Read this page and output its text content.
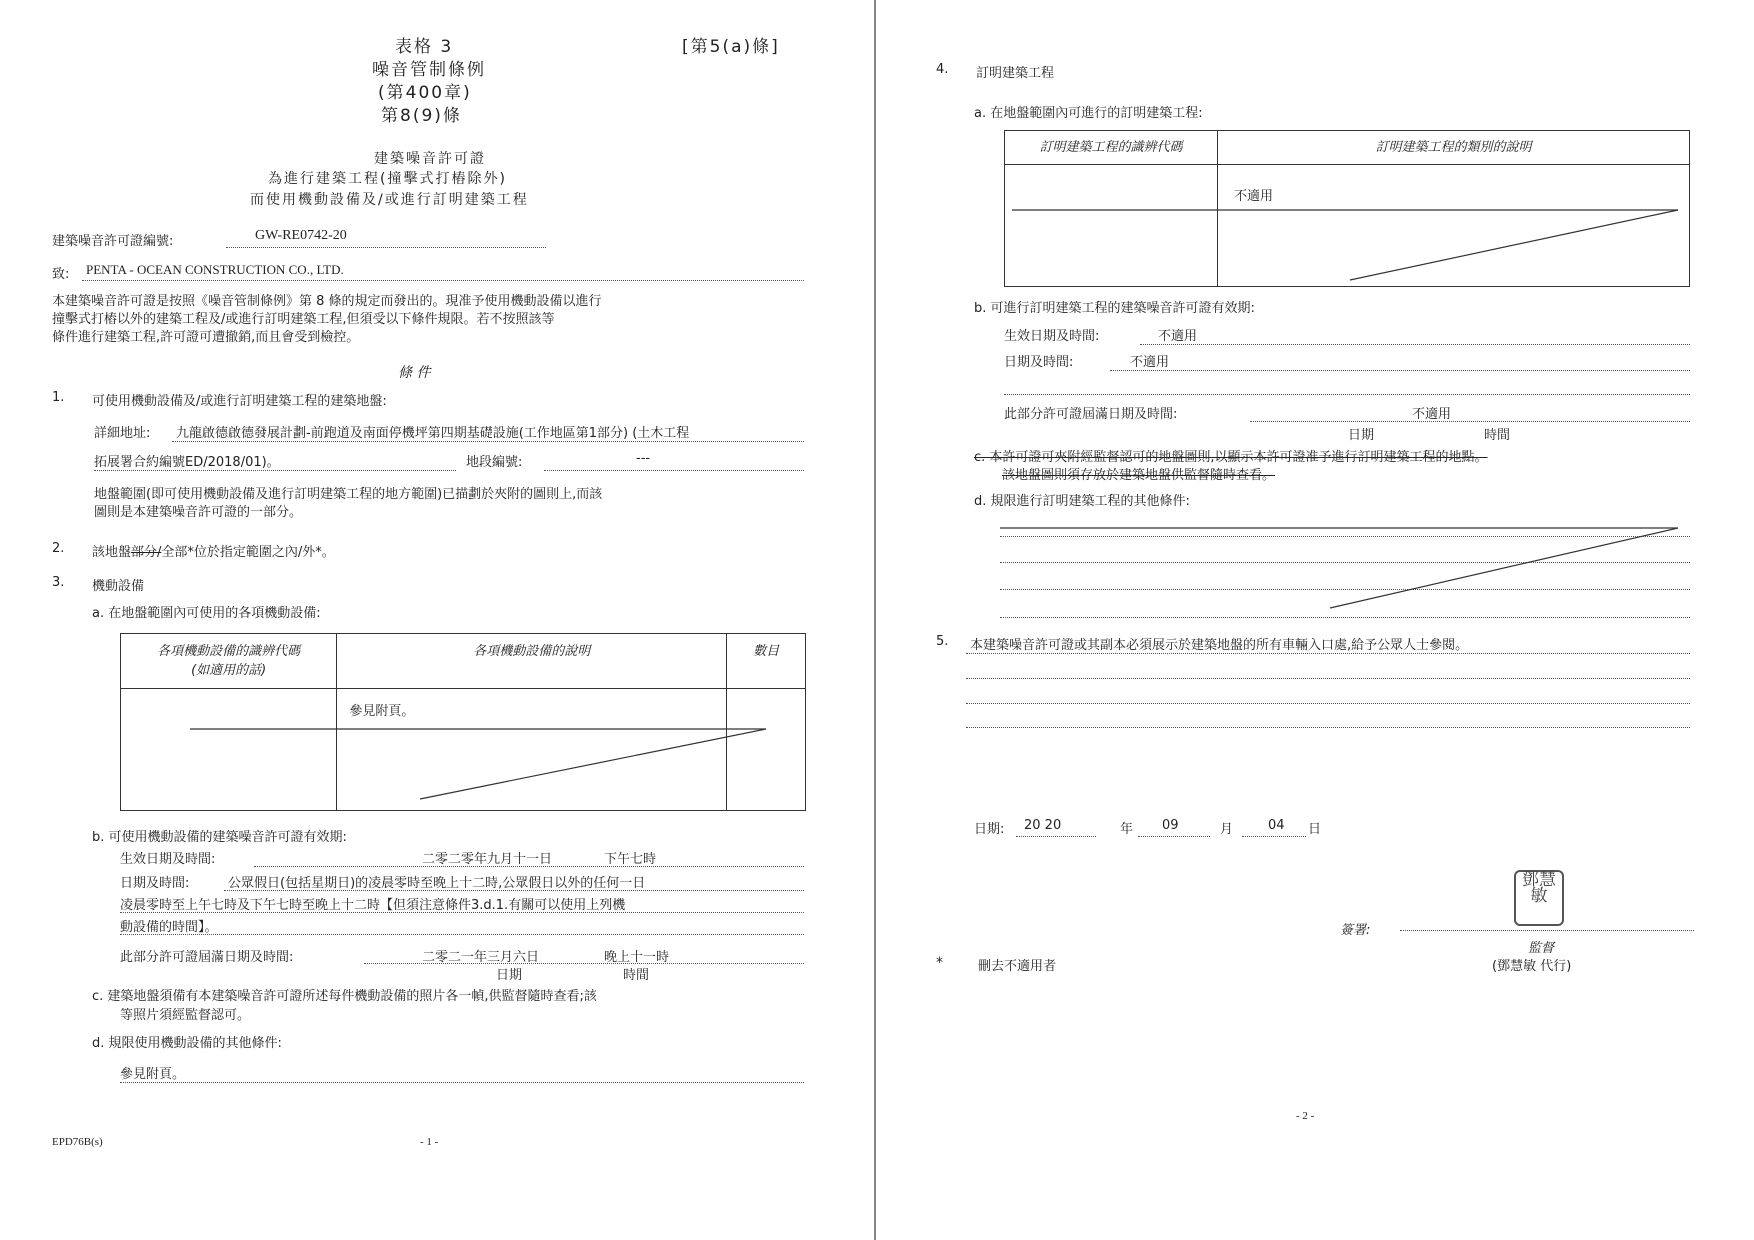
表格 3	[第5(a)條]
噪音管制條例
(第400章)
第8(9)條
建築噪音許可證
為進行建築工程(撞擊式打樁除外)
而使用機動設備及/或進行訂明建築工程
建築噪音許可證編號:	GW-RE0742-20
致: PENTA - OCEAN CONSTRUCTION CO., LTD.
本建築噪音許可證是按照《噪音管制條例》第 8 條的規定而發出的。現准予使用機動設備以進行
撞擊式打樁以外的建築工程及/或進行訂明建築工程,但須受以下條件規限。若不按照該等
條件進行建築工程,許可證可遭撤銷,而且會受到檢控。
條 件
1. 可使用機動設備及/或進行訂明建築工程的建築地盤:
詳細地址: 九龍啟德啟德發展計劃-前跑道及南面停機坪第四期基礎設施(工作地區第1部分) (土木工程
拓展署合約編號ED/2018/01)。	地段編號:	---
地盤範圍(即可使用機動設備及進行訂明建築工程的地方範圍)已描劃於夾附的圖則上,而該
圖則是本建築噪音許可證的一部分。
2. 該地盤部分/全部*位於指定範圍之內/外*。
3. 機動設備
a. 在地盤範圍內可使用的各項機動設備:
各項機動設備的識辨代碼
(如適用的話)	各項機動設備的說明	數目
	參見附頁。	
b. 可使用機動設備的建築噪音許可證有效期:
生效日期及時間:	二零二零年九月十一日	下午七時
日期及時間:	公眾假日(包括星期日)的凌晨零時至晚上十二時,公眾假日以外的任何一日
凌晨零時至上午七時及下午七時至晚上十二時【但須注意條件3.d.1.有關可以使用上列機
動設備的時間】。
此部分許可證屆滿日期及時間:	二零二一年三月六日	晚上十一時
日期	時間
c. 建築地盤須備有本建築噪音許可證所述每件機動設備的照片各一幀,供監督隨時查看;該
等照片須經監督認可。
d. 規限使用機動設備的其他條件:
參見附頁。
EPD76B(s)	- 1 -
4. 訂明建築工程
a. 在地盤範圍內可進行的訂明建築工程:
訂明建築工程的識辨代碼	訂明建築工程的類別的說明
	不適用
b. 可進行訂明建築工程的建築噪音許可證有效期:
生效日期及時間:	不適用
日期及時間:	不適用
此部分許可證屆滿日期及時間:	不適用
日期	時間
c. 本許可證可夾附經監督認可的地盤圖則,以顯示本許可證准予進行訂明建築工程的地點。
該地盤圖則須存放於建築地盤供監督隨時查看。
d. 規限進行訂明建築工程的其他條件:
5. 本建築噪音許可證或其副本必須展示於建築地盤的所有車輛入口處,給予公眾人士參閱。
日期: 20 20	年 09	月	04 日
鄧慧敏
簽署:
監督
(鄧慧敏 代行)
*	刪去不適用者
- 2 -
